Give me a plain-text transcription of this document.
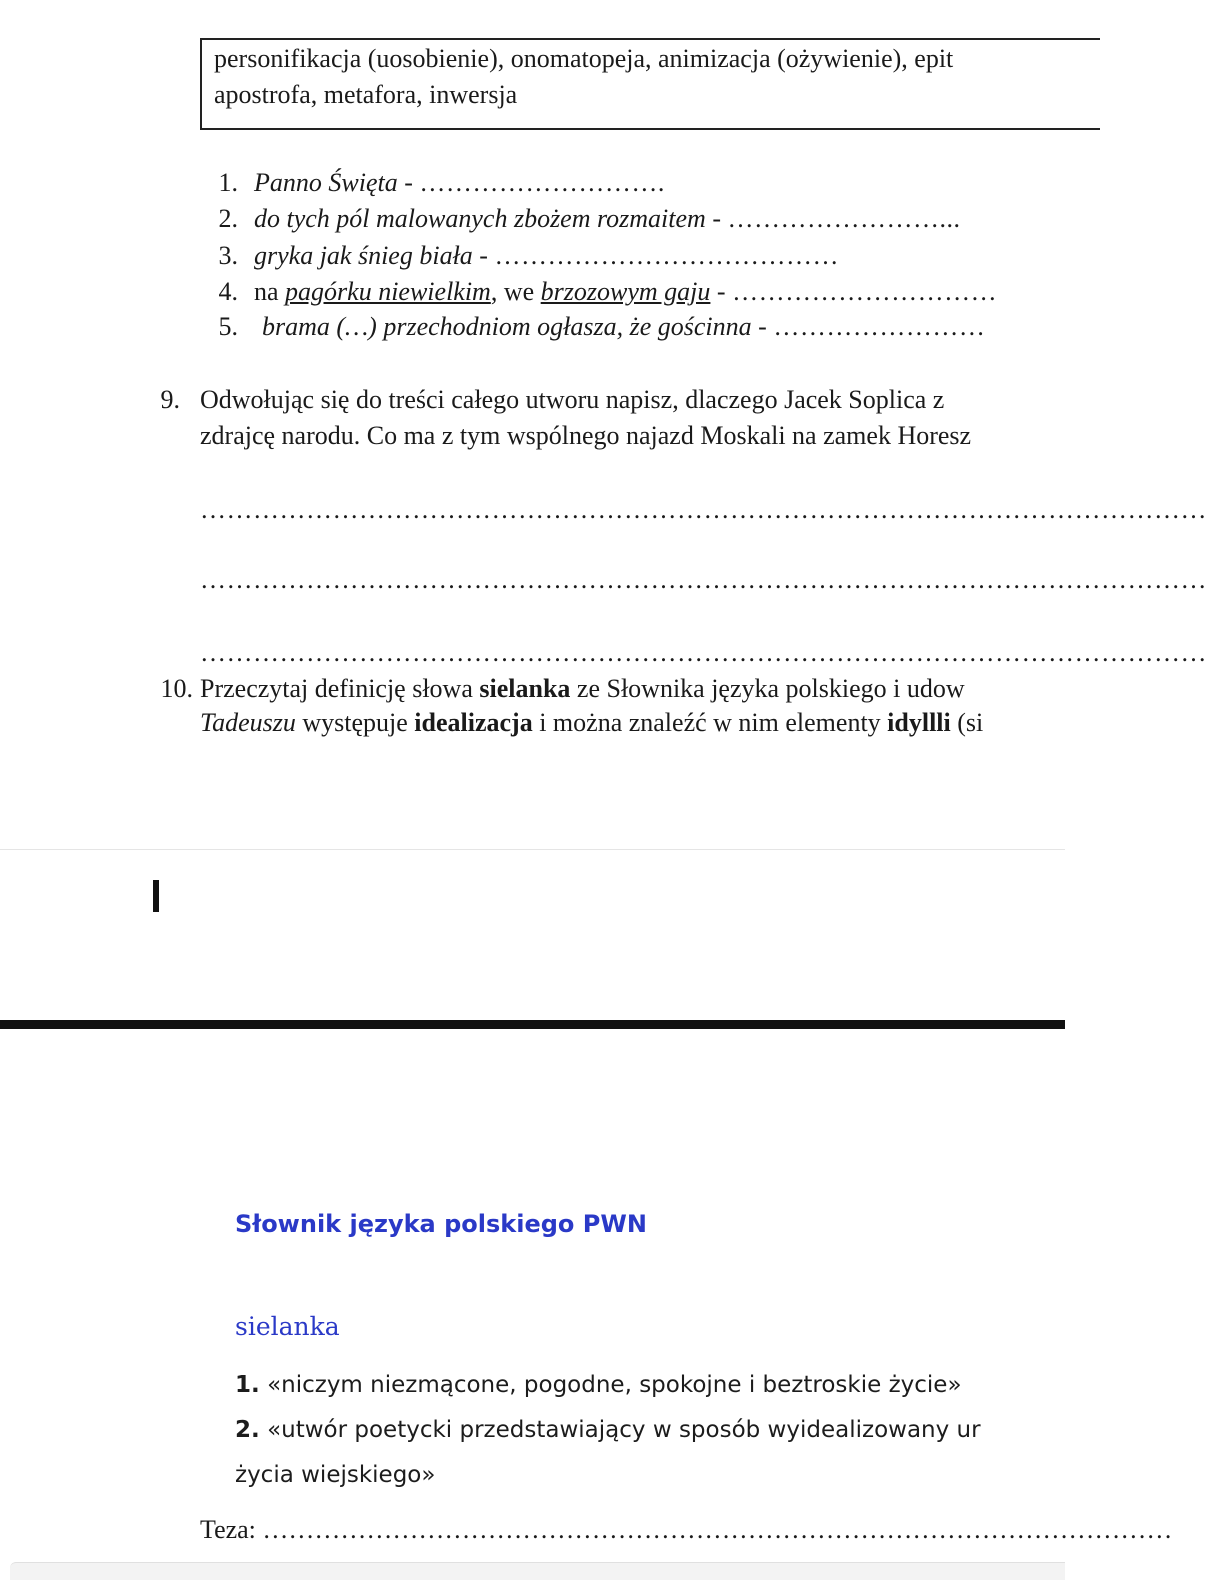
personifikacja (uosobienie), onomatopeja, animizacja (ożywienie), epit
apostrofa, metafora, inwersja
1. Panno Święta - ……………………….
2. do tych pól malowanych zbożem rozmaitem - ……………………...
3. gryka jak śnieg biała - …………………………………
4. na pagórku niewielkim, we brzozowym gaju - …………………………
5. brama (…) przechodniom ogłasza, że gościnna - ……………………
9. Odwołując się do treści całego utworu napisz, dlaczego Jacek Soplica z
zdrajcę narodu. Co ma z tym wspólnego najazd Moskali na zamek Horesz
……………………………………………………………………………………………………
……………………………………………………………………………………………………
……………………………………………………………………………………………………
10. Przeczytaj definicję słowa sielanka ze Słownika języka polskiego i udow
Tadeuszu występuje idealizacja i można znaleźć w nim elementy idyllli (si
Słownik języka polskiego PWN
sielanka
1. «niczym niezmącone, pogodne, spokojne i beztroskie życie»
2. «utwór poetycki przedstawiający w sposób wyidealizowany ur
życia wiejskiego»
Teza: ……………………………………………………………………………………………
